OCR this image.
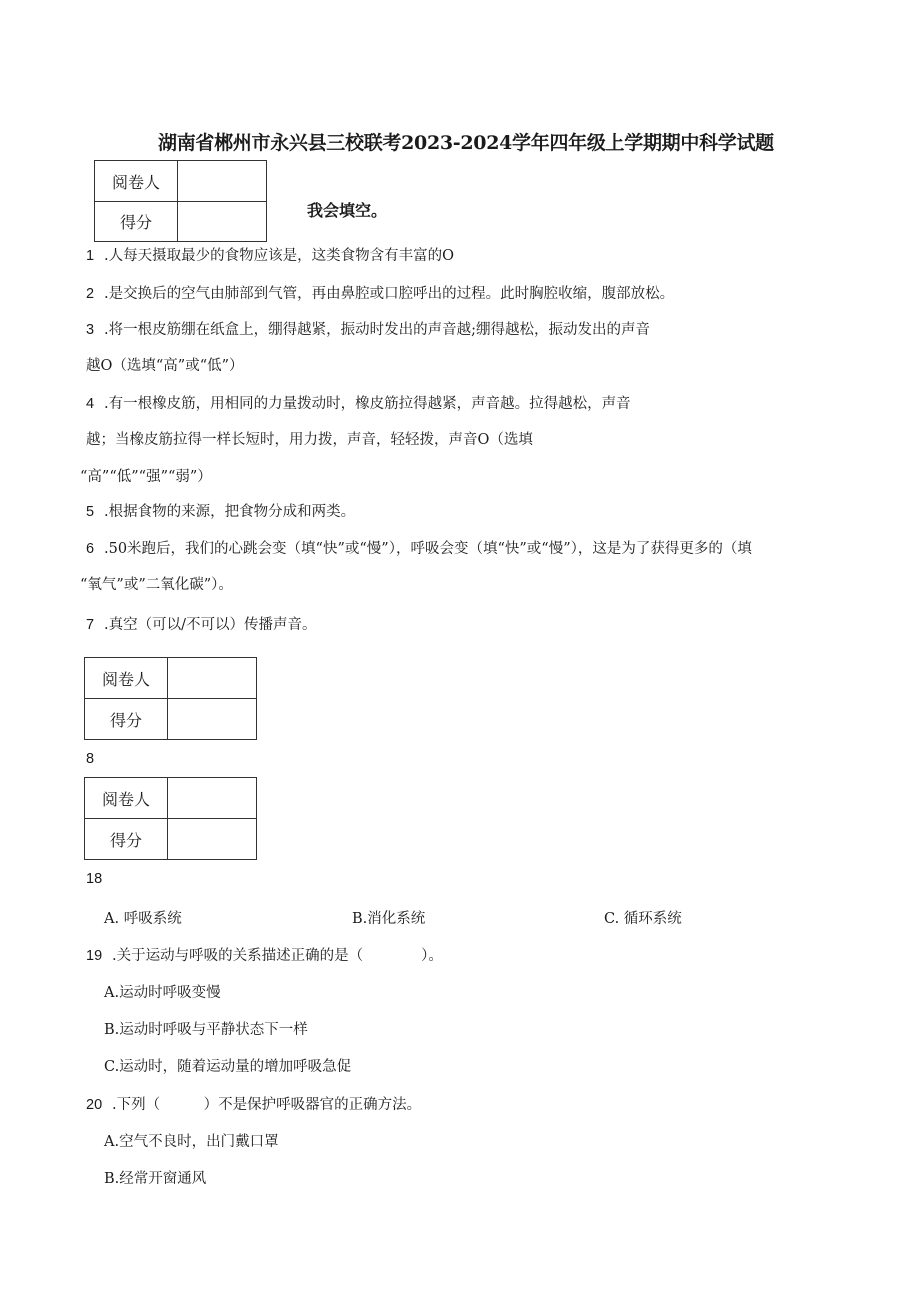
湖南省郴州市永兴县三校联考2023-2024学年四年级上学期期中科学试题
阅卷人	
得分	
我会填空。
1 .人每天摄取最少的食物应该是，这类食物含有丰富的O
2 .是交换后的空气由肺部到气管，再由鼻腔或口腔呼出的过程。此时胸腔收缩，腹部放松。
3 .将一根皮筋绷在纸盒上，绷得越紧，振动时发出的声音越;绷得越松，振动发出的声音
越O（选填“高”或“低”）
4 .有一根橡皮筋，用相同的力量拨动时，橡皮筋拉得越紧，声音越。拉得越松，声音
越；当橡皮筋拉得一样长短时，用力拨，声音，轻轻拨，声音O（选填
“高”“低”“强”“弱”）
5 .根据食物的来源，把食物分成和两类。
6 .50米跑后，我们的心跳会变（填“快”或“慢”），呼吸会变（填“快”或“慢”），这是为了获得更多的（填
“氧气”或”二氧化碳”）。
7 .真空（可以/不可以）传播声音。
阅卷人	
得分	
8
阅卷人	
得分	
18
A. 呼吸系统	B.消化系统	C. 循环系统
19 .关于运动与呼吸的关系描述正确的是（　　　　）。
A.运动时呼吸变慢
B.运动时呼吸与平静状态下一样
C.运动时，随着运动量的增加呼吸急促
20 .下列（　　　）不是保护呼吸器官的正确方法。
A.空气不良时，出门戴口罩
B.经常开窗通风
